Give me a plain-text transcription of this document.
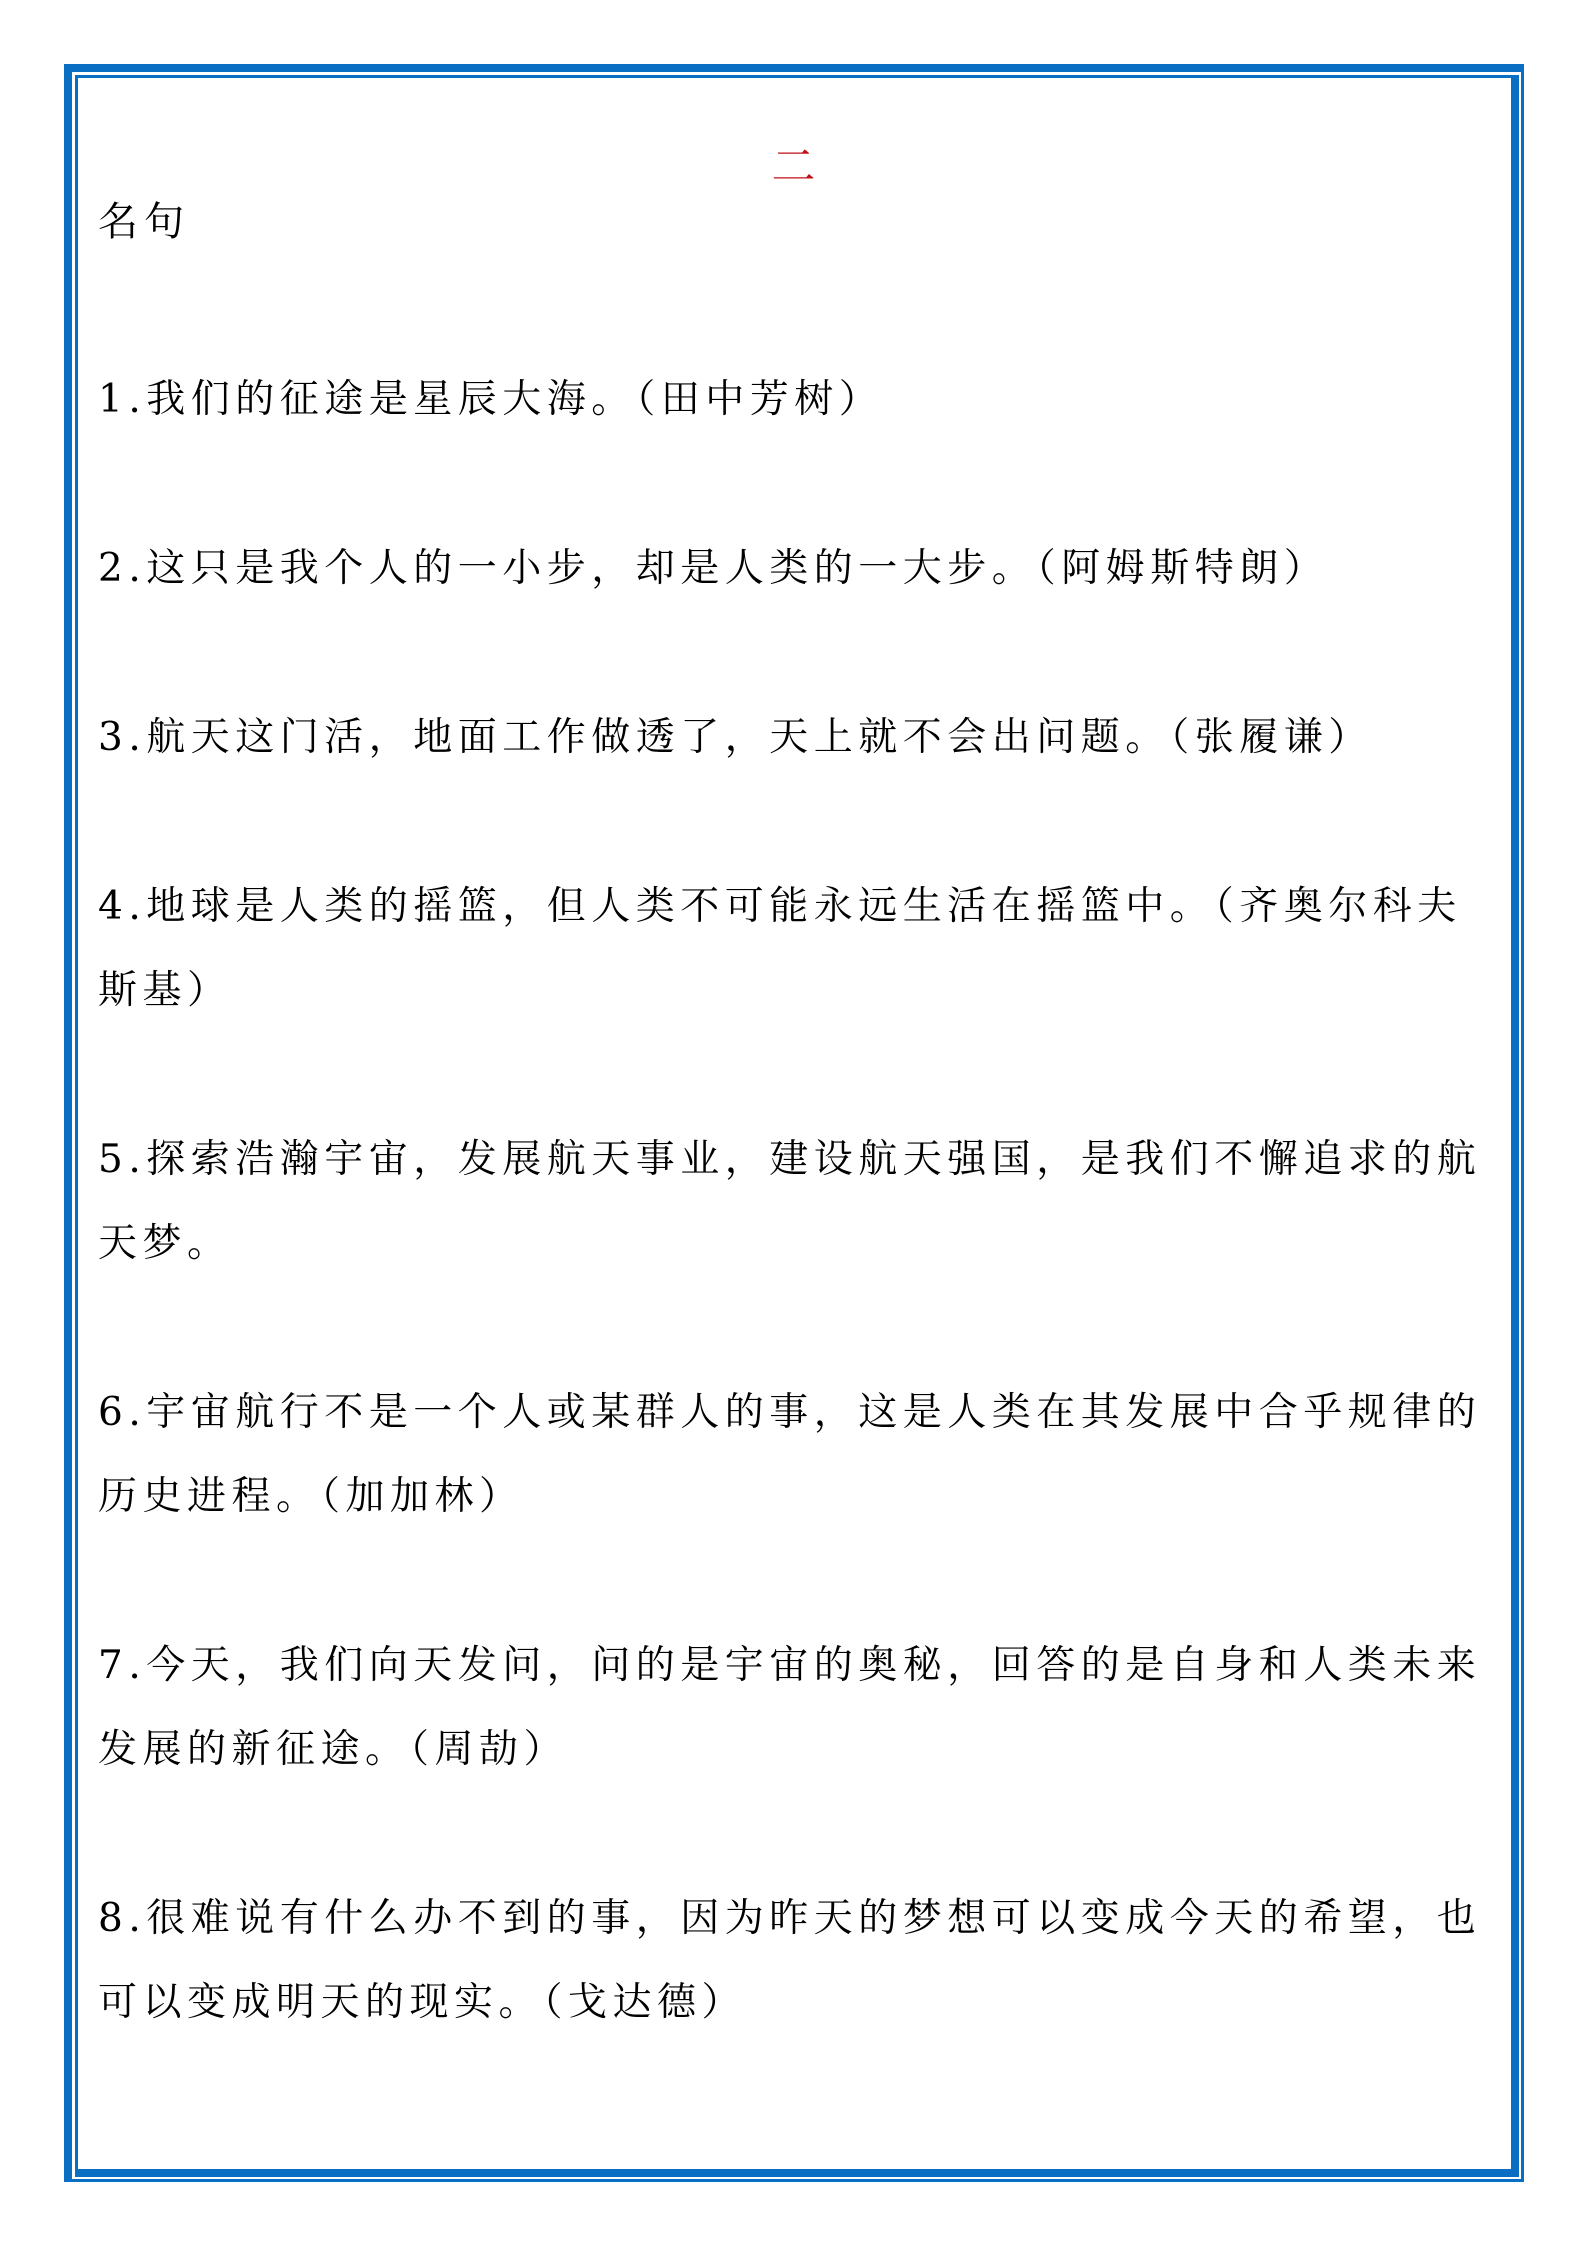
二
名句
1.我们的征途是星辰大海。（田中芳树）
2.这只是我个人的一小步，却是人类的一大步。（阿姆斯特朗）
3.航天这门活，地面工作做透了，天上就不会出问题。（张履谦）
4.地球是人类的摇篮，但人类不可能永远生活在摇篮中。（齐奥尔科夫斯基）
5.探索浩瀚宇宙，发展航天事业，建设航天强国，是我们不懈追求的航天梦。
6.宇宙航行不是一个人或某群人的事，这是人类在其发展中合乎规律的历史进程。（加加林）
7.今天，我们向天发问，问的是宇宙的奥秘，回答的是自身和人类未来发展的新征途。（周劼）
8.很难说有什么办不到的事，因为昨天的梦想可以变成今天的希望，也可以变成明天的现实。（戈达德）
